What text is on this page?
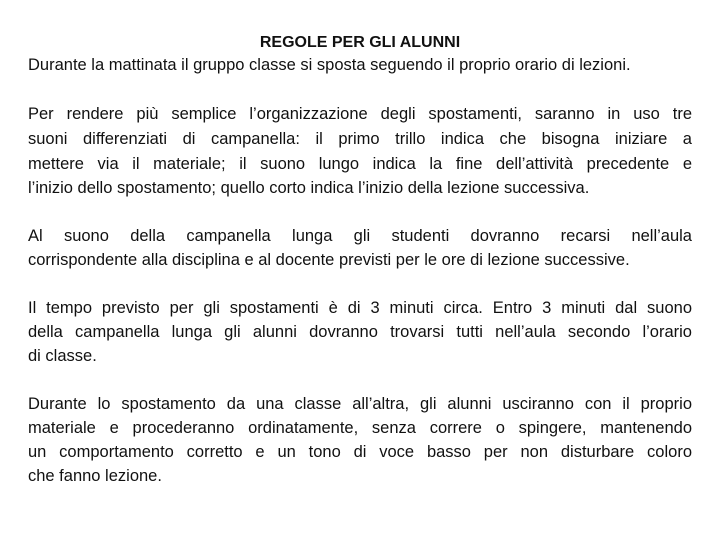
REGOLE PER GLI ALUNNI
Durante la mattinata il gruppo classe si sposta seguendo il proprio orario di lezioni.
Per rendere più semplice l’organizzazione degli spostamenti, saranno in uso tre
suoni differenziati di campanella: il primo trillo indica che bisogna iniziare a
mettere via il materiale; il suono lungo indica la fine dell’attività precedente e
l’inizio dello spostamento; quello corto indica l’inizio della lezione successiva.
Al suono della campanella lunga gli studenti dovranno recarsi nell’aula
corrispondente alla disciplina e al docente previsti per le ore di lezione successive.
Il tempo previsto per gli spostamenti è di 3 minuti circa. Entro 3 minuti dal suono
della campanella lunga gli alunni dovranno trovarsi tutti nell’aula secondo l’orario
di classe.
Durante lo spostamento da una classe all’altra, gli alunni usciranno con il proprio
materiale e procederanno ordinatamente, senza correre o spingere, mantenendo
un comportamento corretto e un tono di voce basso per non disturbare coloro
che fanno lezione.
